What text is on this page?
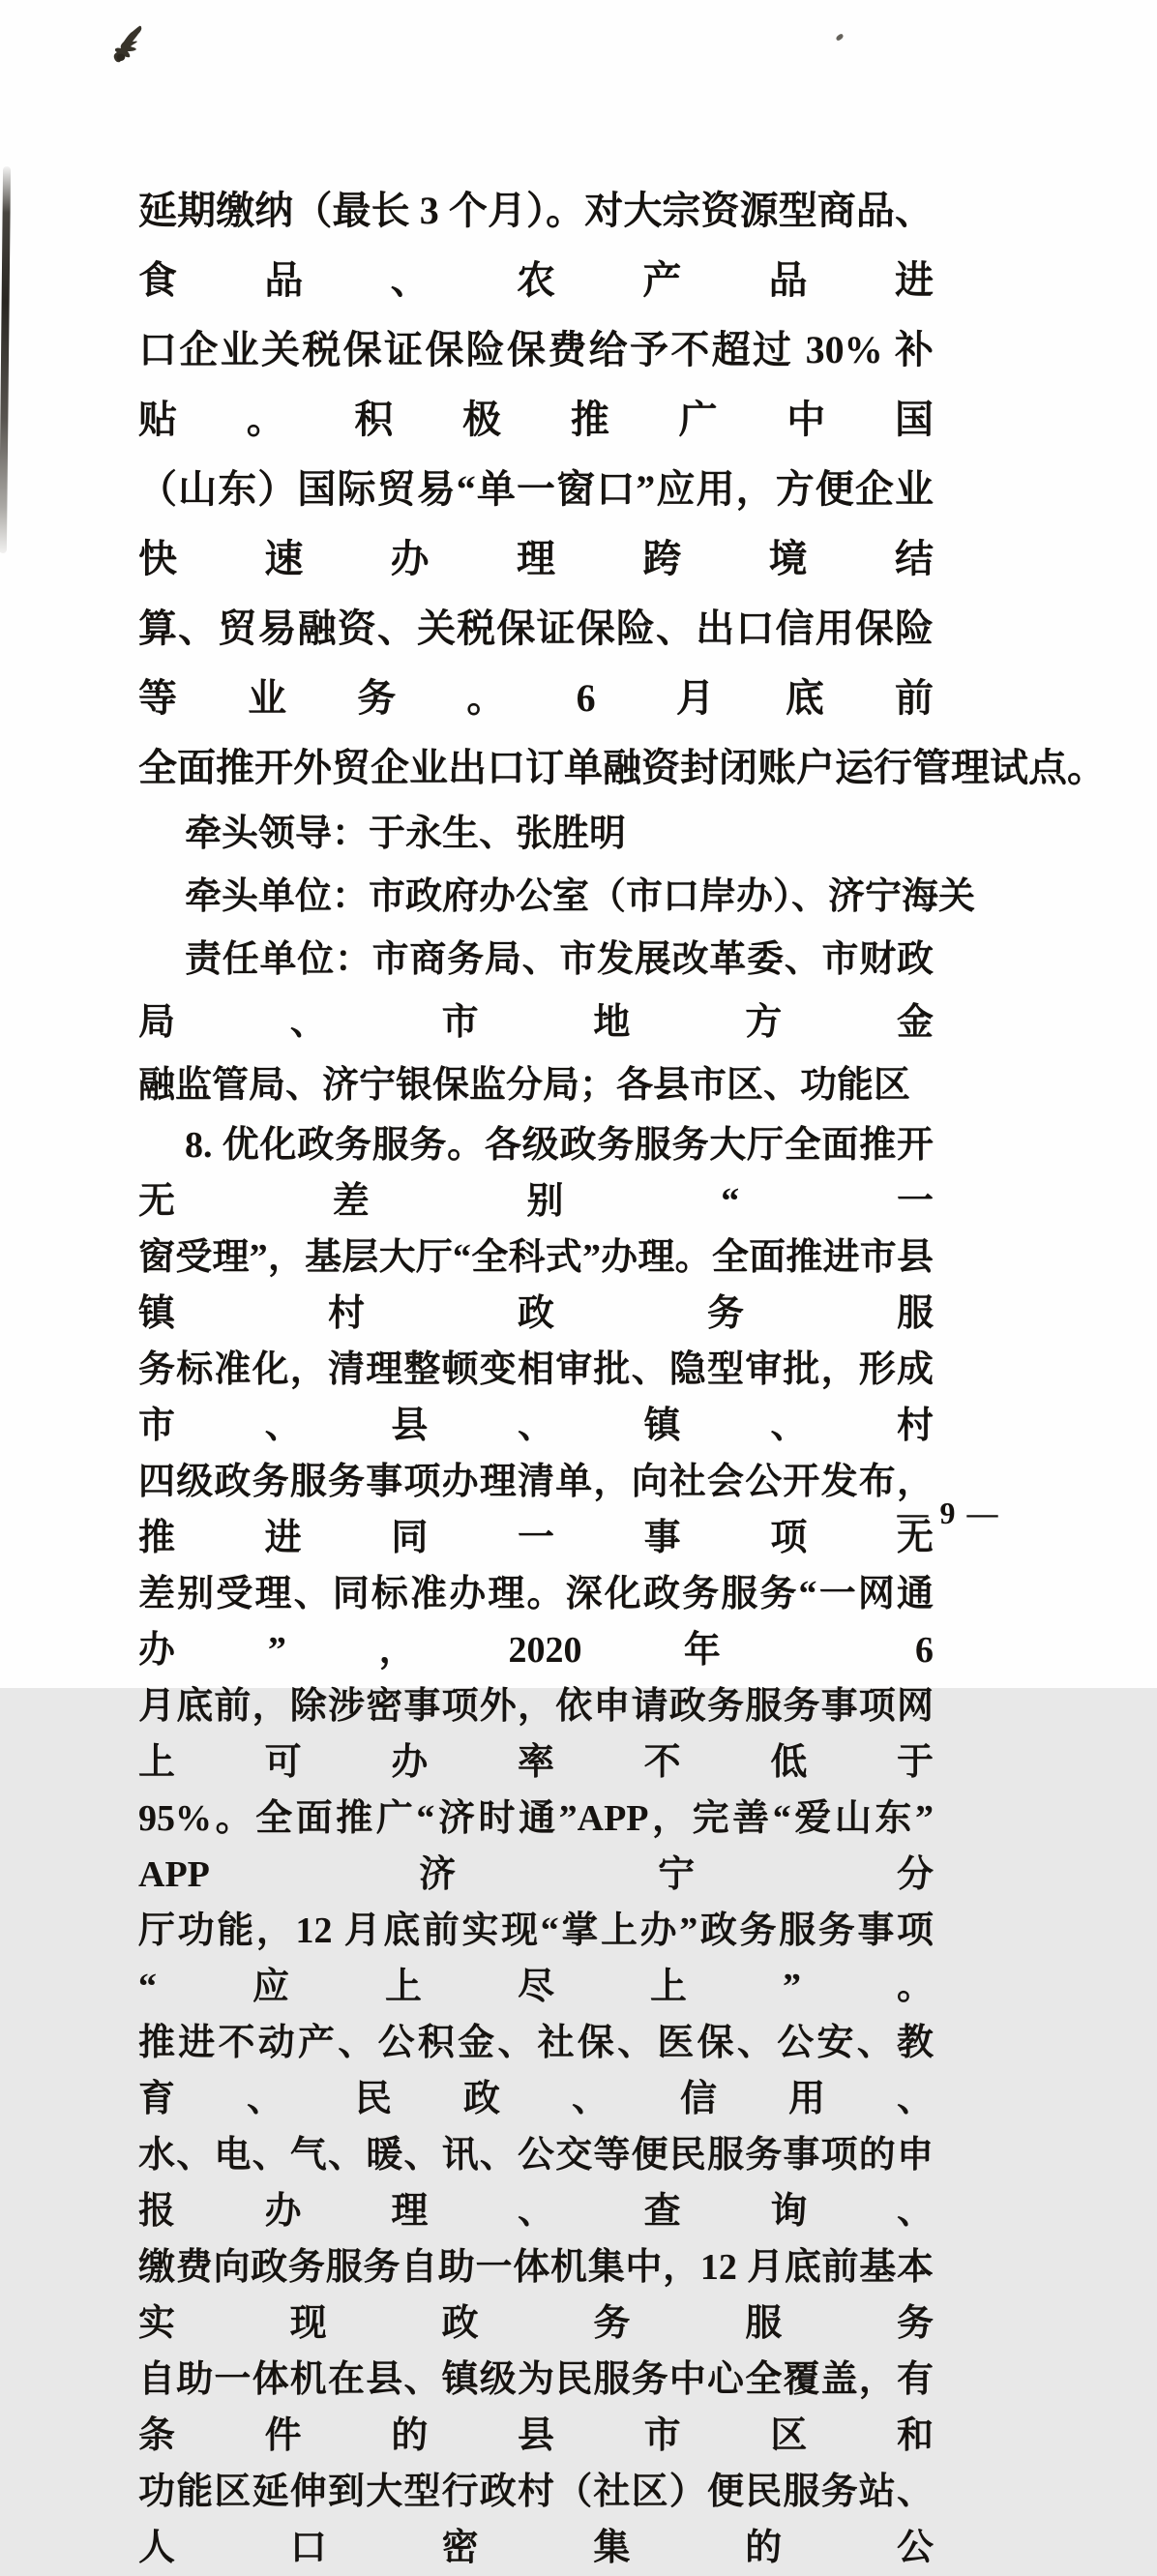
延期缴纳（最长 3 个月）。对大宗资源型商品、食品、农产品进
口企业关税保证保险保费给予不超过 30% 补贴。积极推广中国
（山东）国际贸易“单一窗口”应用，方便企业快速办理跨境结
算、贸易融资、关税保证保险、出口信用保险等业务。6 月底前
全面推开外贸企业出口订单融资封闭账户运行管理试点。
牵头领导：于永生、张胜明
牵头单位：市政府办公室（市口岸办）、济宁海关
责任单位：市商务局、市发展改革委、市财政局、市地方金
融监管局、济宁银保监分局；各县市区、功能区
8. 优化政务服务。各级政务服务大厅全面推开无差别“一
窗受理”，基层大厅“全科式”办理。全面推进市县镇村政务服
务标准化，清理整顿变相审批、隐型审批，形成市、县、镇、村
四级政务服务事项办理清单，向社会公开发布，推进同一事项无
差别受理、同标准办理。深化政务服务“一网通办”，2020 年 6
月底前，除涉密事项外，依申请政务服务事项网上可办率不低于
95%。全面推广“济时通”APP，完善“爱山东”APP 济宁分
厅功能，12 月底前实现“掌上办”政务服务事项“应上尽上”。
推进不动产、公积金、社保、医保、公安、教育、民政、信用、
水、电、气、暖、讯、公交等便民服务事项的申报办理、查询、
缴费向政务服务自助一体机集中，12 月底前基本实现政务服务
自助一体机在县、镇级为民服务中心全覆盖，有条件的县市区和
功能区延伸到大型行政村（社区）便民服务站、人口密集的公
— 9 —
